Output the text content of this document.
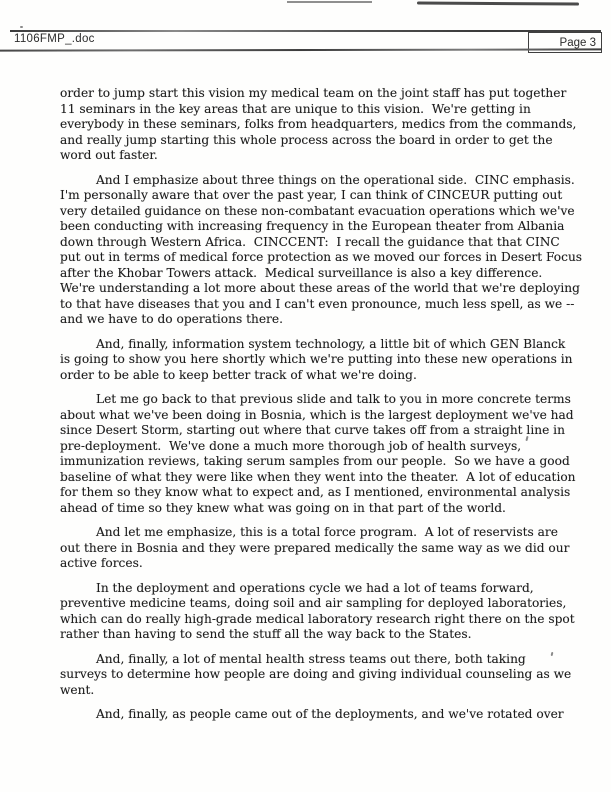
1106FMP_.doc	Page 3
order to jump start this vision my medical team on the joint staff has put together
11 seminars in the key areas that are unique to this vision.  We're getting in
everybody in these seminars, folks from headquarters, medics from the commands,
and really jump starting this whole process across the board in order to get the
word out faster.
And I emphasize about three things on the operational side.  CINC emphasis.
I'm personally aware that over the past year, I can think of CINCEUR putting out
very detailed guidance on these non-combatant evacuation operations which we've
been conducting with increasing frequency in the European theater from Albania
down through Western Africa.  CINCCENT:  I recall the guidance that that CINC
put out in terms of medical force protection as we moved our forces in Desert Focus
after the Khobar Towers attack.  Medical surveillance is also a key difference.
We're understanding a lot more about these areas of the world that we're deploying
to that have diseases that you and I can't even pronounce, much less spell, as we --
and we have to do operations there.
And, finally, information system technology, a little bit of which GEN Blanck
is going to show you here shortly which we're putting into these new operations in
order to be able to keep better track of what we're doing.
Let me go back to that previous slide and talk to you in more concrete terms
about what we've been doing in Bosnia, which is the largest deployment we've had
since Desert Storm, starting out where that curve takes off from a straight line in
pre-deployment.  We've done a much more thorough job of health surveys,
immunization reviews, taking serum samples from our people.  So we have a good
baseline of what they were like when they went into the theater.  A lot of education
for them so they know what to expect and, as I mentioned, environmental analysis
ahead of time so they knew what was going on in that part of the world.
And let me emphasize, this is a total force program.  A lot of reservists are
out there in Bosnia and they were prepared medically the same way as we did our
active forces.
In the deployment and operations cycle we had a lot of teams forward,
preventive medicine teams, doing soil and air sampling for deployed laboratories,
which can do really high-grade medical laboratory research right there on the spot
rather than having to send the stuff all the way back to the States.
And, finally, a lot of mental health stress teams out there, both taking
surveys to determine how people are doing and giving individual counseling as we
went.
And, finally, as people came out of the deployments, and we've rotated over
